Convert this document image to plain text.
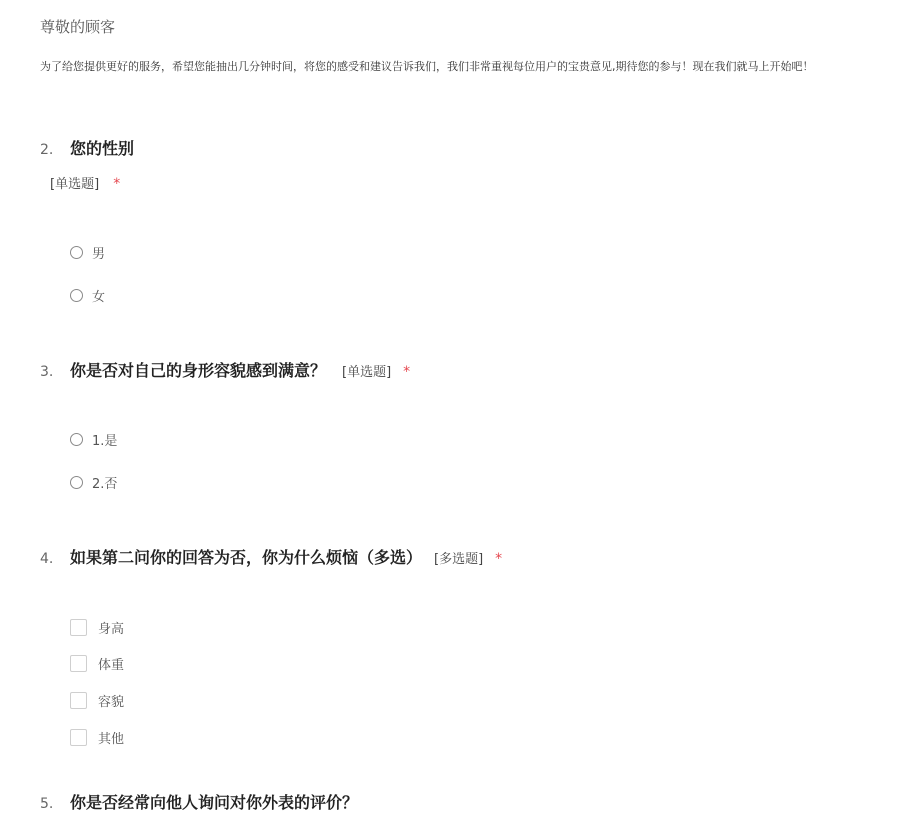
尊敬的顾客
为了给您提供更好的服务，希望您能抽出几分钟时间，将您的感受和建议告诉我们，我们非常重视每位用户的宝贵意见,期待您的参与！现在我们就马上开始吧！
2.	您的性别
[单选题] *
男
女
3.	你是否对自己的身形容貌感到满意？ [单选题] *
1.是
2.否
4.	如果第二问你的回答为否，你为什么烦恼（多选） [多选题] *
身高
体重
容貌
其他
5.	你是否经常向他人询问对你外表的评价？
